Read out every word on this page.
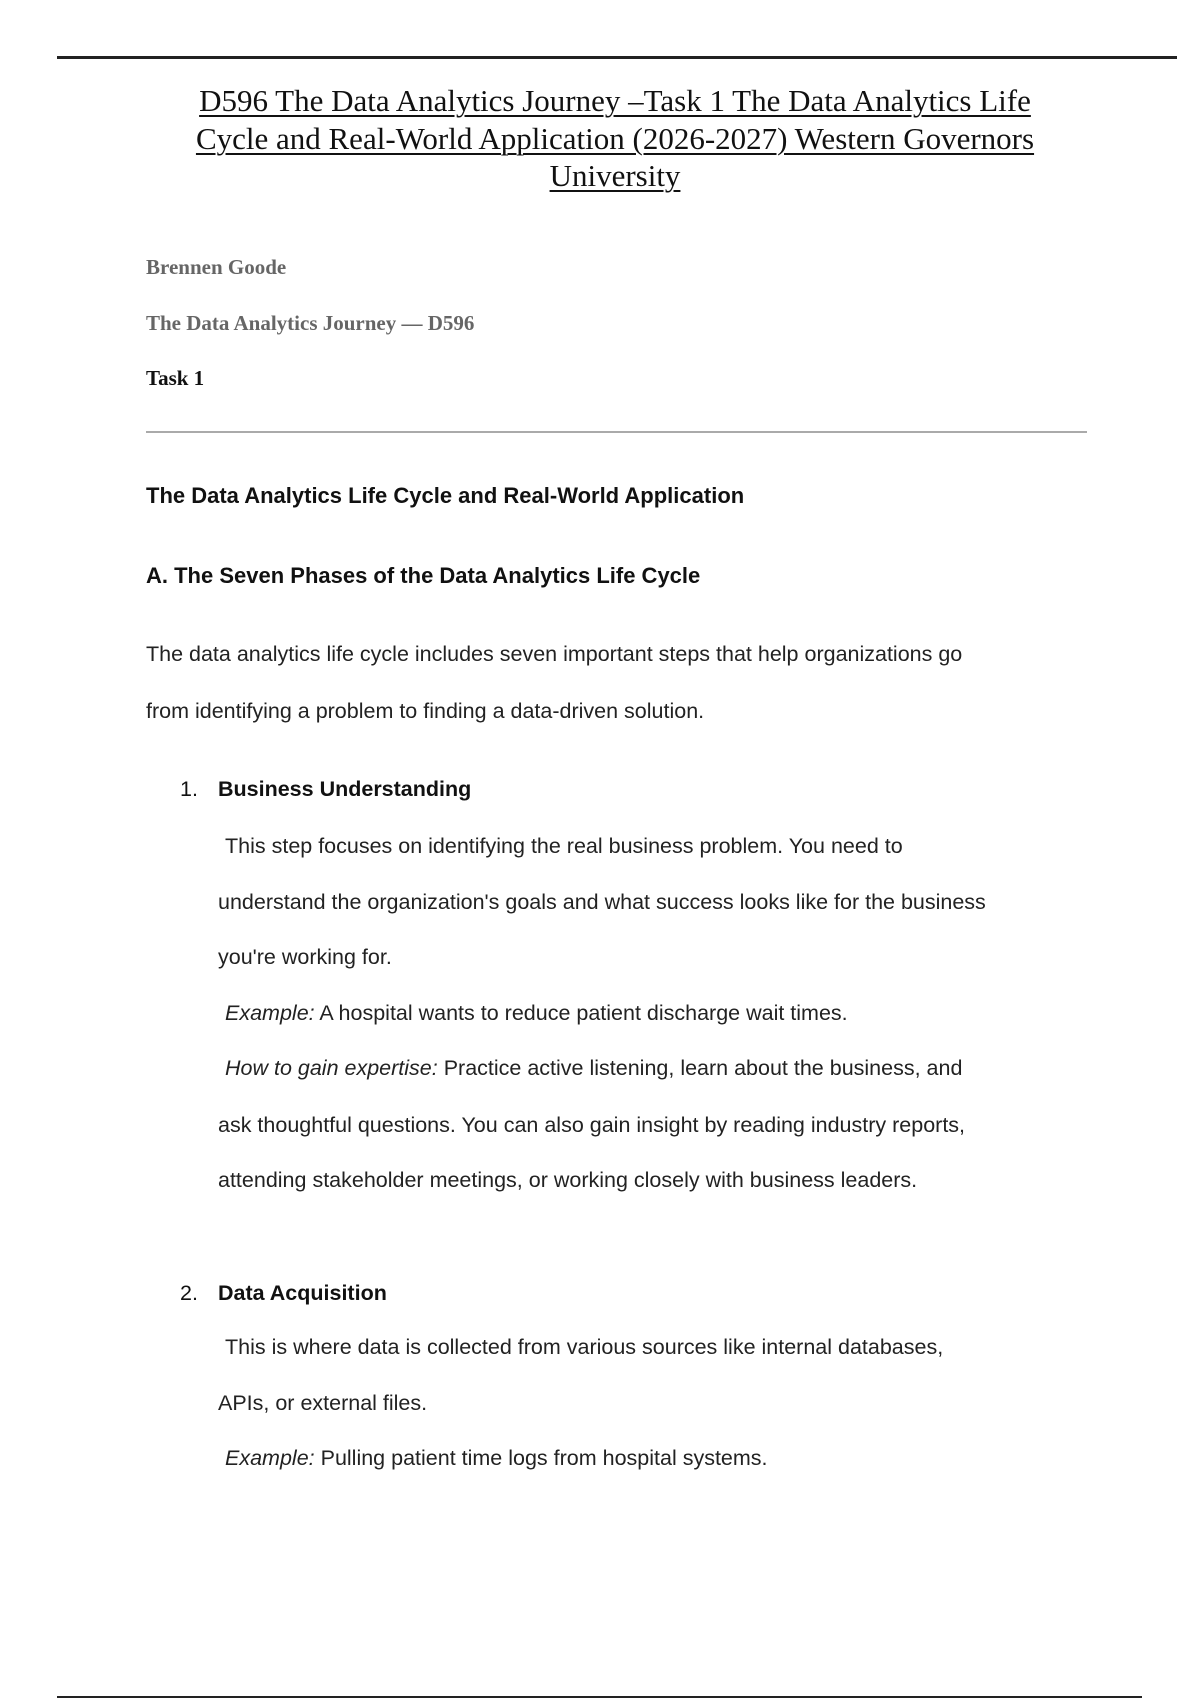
D596 The Data Analytics Journey –Task 1 The Data Analytics Life
Cycle and Real-World Application (2026-2027) Western Governors
University
Brennen Goode
The Data Analytics Journey — D596
Task 1
The Data Analytics Life Cycle and Real-World Application
A. The Seven Phases of the Data Analytics Life Cycle
The data analytics life cycle includes seven important steps that help organizations go
from identifying a problem to finding a data-driven solution.
1. Business Understanding
This step focuses on identifying the real business problem. You need to
understand the organization's goals and what success looks like for the business
you're working for.
Example: A hospital wants to reduce patient discharge wait times.
How to gain expertise: Practice active listening, learn about the business, and
ask thoughtful questions. You can also gain insight by reading industry reports,
attending stakeholder meetings, or working closely with business leaders.
2. Data Acquisition
This is where data is collected from various sources like internal databases,
APIs, or external files.
Example: Pulling patient time logs from hospital systems.
